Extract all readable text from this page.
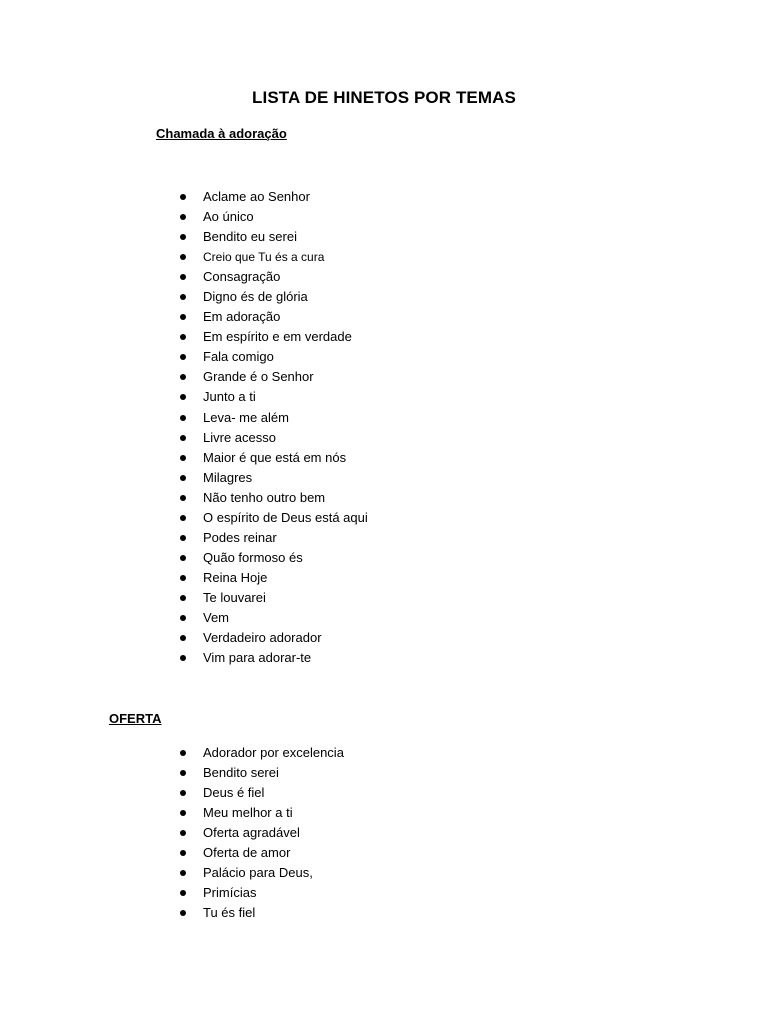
LISTA DE HINETOS POR TEMAS
Chamada à adoração
Aclame ao Senhor
Ao único
Bendito eu serei
Creio que Tu és a cura
Consagração
Digno és de glória
Em adoração
Em espírito e em verdade
Fala comigo
Grande é o Senhor
Junto a ti
Leva- me além
Livre acesso
Maior é que está em nós
Milagres
Não tenho outro bem
O espírito de Deus está aqui
Podes reinar
Quão formoso és
Reina Hoje
Te louvarei
Vem
Verdadeiro adorador
Vim para adorar-te
OFERTA
Adorador por excelencia
Bendito serei
Deus é fiel
Meu melhor a ti
Oferta agradável
Oferta de amor
Palácio para Deus,
Primícias
Tu és fiel
